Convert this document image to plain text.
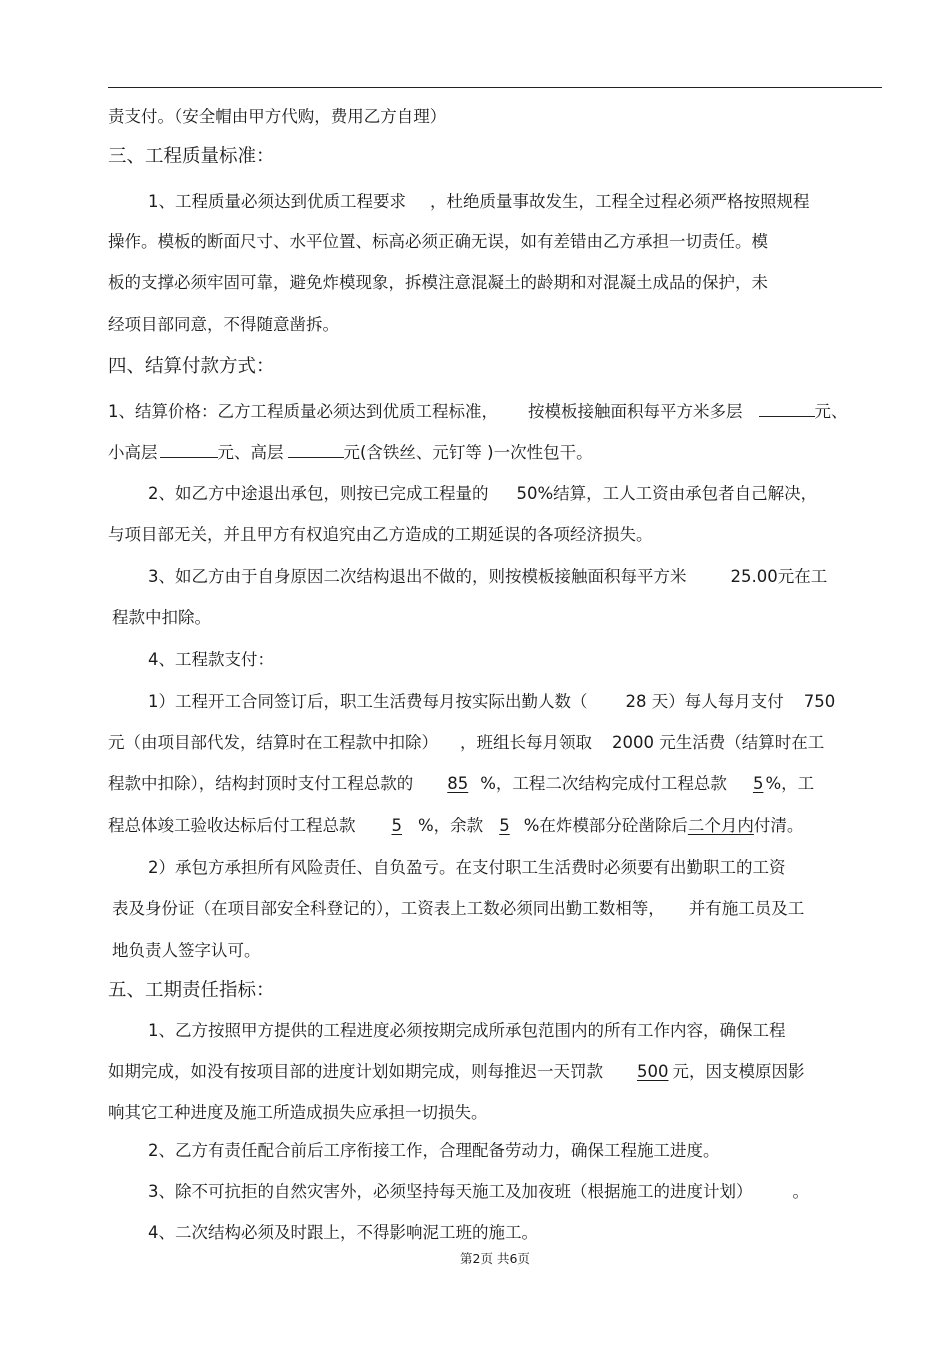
责支付。（安全帽由甲方代购，费用乙方自理）
三、工程质量标准：
1、工程质量必须达到优质工程要求 ，杜绝质量事故发生，工程全过程必须严格按照规程
操作。模板的断面尺寸、水平位置、标高必须正确无误，如有差错由乙方承担一切责任。模
板的支撑必须牢固可靠，避免炸模现象，拆模注意混凝土的龄期和对混凝土成品的保护，未
经项目部同意，不得随意凿拆。
四、结算付款方式：
1、结算价格：乙方工程质量必须达到优质工程标准， 按模板接触面积每平方米多层	元、
小高层	元、高层	元(含铁丝、元钉等 )一次性包干。
2、如乙方中途退出承包，则按已完成工程量的 50%结算，工人工资由承包者自己解决，
与项目部无关，并且甲方有权追究由乙方造成的工期延误的各项经济损失。
3、如乙方由于自身原因二次结构退出不做的，则按模板接触面积每平方米	25.00元在工
程款中扣除。
4、工程款支付：
1）工程开工合同签订后，职工生活费每月按实际出勤人数（ 28 天）每人每月支付 750
元（由项目部代发，结算时在工程款中扣除） ，班组长每月领取 2000 元生活费（结算时在工
程款中扣除），结构封顶时支付工程总款的 85 %，工程二次结构完成付工程总款 5 %，工
程总体竣工验收达标后付工程总款 5 %，余款 5 %在炸模部分砼凿除后二个月内付清。
2）承包方承担所有风险责任、自负盈亏。在支付职工生活费时必须要有出勤职工的工资
表及身份证（在项目部安全科登记的），工资表上工数必须同出勤工数相等， 并有施工员及工
地负责人签字认可。
五、工期责任指标：
1、乙方按照甲方提供的工程进度必须按期完成所承包范围内的所有工作内容，确保工程
如期完成，如没有按项目部的进度计划如期完成，则每推迟一天罚款 500 元，因支模原因影
响其它工种进度及施工所造成损失应承担一切损失。
2、乙方有责任配合前后工序衔接工作，合理配备劳动力，确保工程施工进度。
3、除不可抗拒的自然灾害外，必须坚持每天施工及加夜班（根据施工的进度计划） 。
4、二次结构必须及时跟上，不得影响泥工班的施工。
第2页 共6页
